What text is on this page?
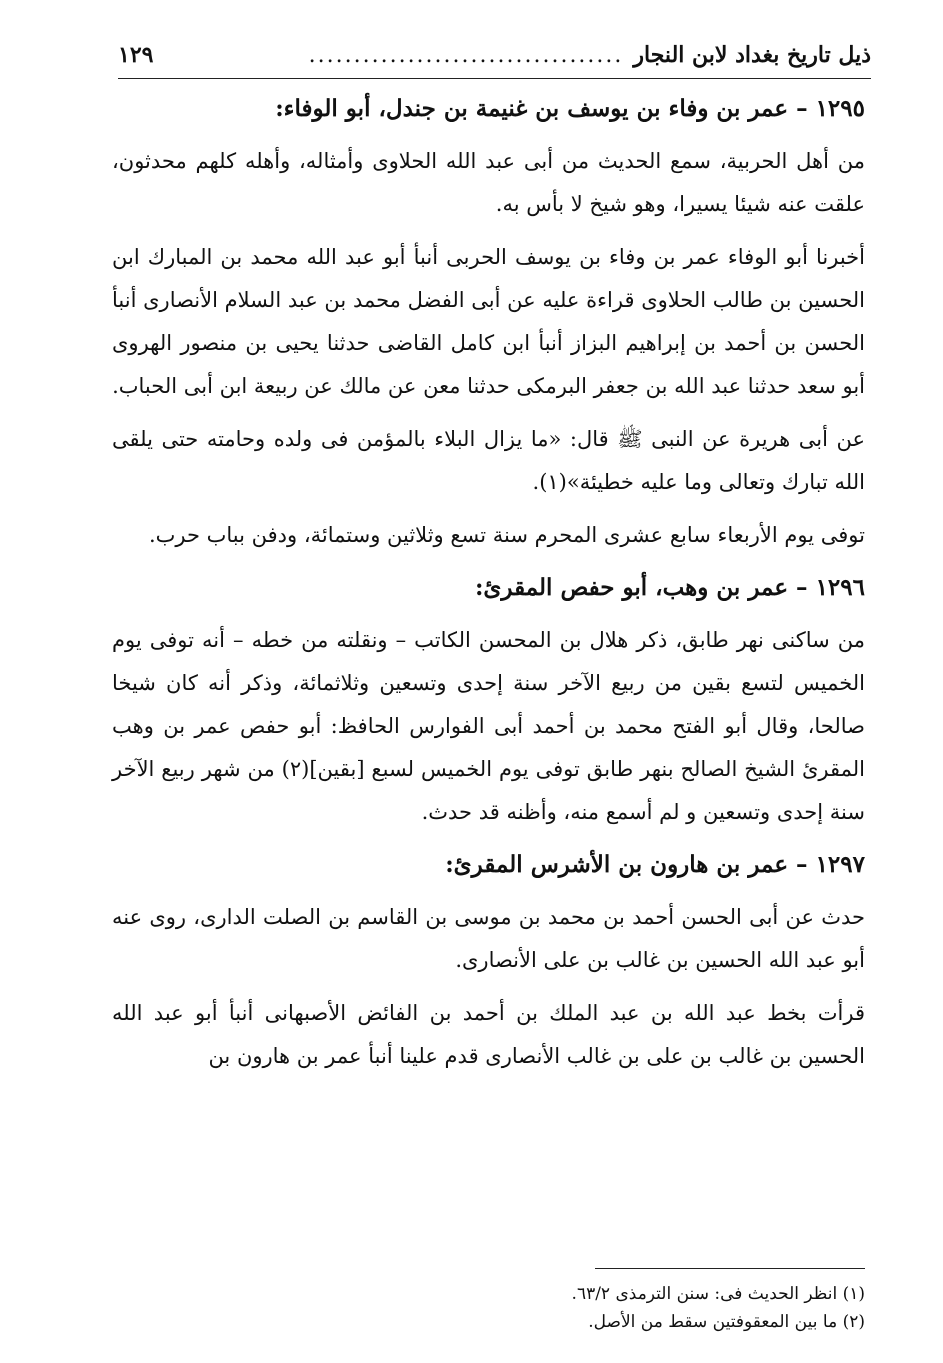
ذيل تاريخ بغداد لابن النجار
...................................
١٢٩
١٢٩٥ – عمر بن وفاء بن يوسف بن غنيمة بن جندل، أبو الوفاء:

من أهل الحربية، سمع الحديث من أبى عبد الله الحلاوى وأمثاله، وأهله كلهم محدثون، علقت عنه شيئا يسيرا، وهو شيخ لا بأس به.

أخبرنا أبو الوفاء عمر بن وفاء بن يوسف الحربى أنبأ أبو عبد الله محمد بن المبارك ابن الحسين بن طالب الحلاوى قراءة عليه عن أبى الفضل محمد بن عبد السلام الأنصارى أنبأ الحسن بن أحمد بن إبراهيم البزاز أنبأ ابن كامل القاضى حدثنا يحيى بن منصور الهروى أبو سعد حدثنا عبد الله بن جعفر البرمكى حدثنا معن عن مالك عن ربيعة ابن أبى الحباب.

عن أبى هريرة عن النبى ﷺ قال: «ما يزال البلاء بالمؤمن فى ولده وحامته حتى يلقى الله تبارك وتعالى وما عليه خطيئة»(١).

توفى يوم الأربعاء سابع عشرى المحرم سنة تسع وثلاثين وستمائة، ودفن بباب حرب.

١٢٩٦ – عمر بن وهب، أبو حفص المقرئ:

من ساكنى نهر طابق، ذكر هلال بن المحسن الكاتب – ونقلته من خطه – أنه توفى يوم الخميس لتسع بقين من ربيع الآخر سنة إحدى وتسعين وثلاثمائة، وذكر أنه كان شيخا صالحا، وقال أبو الفتح محمد بن أحمد أبى الفوارس الحافظ: أبو حفص عمر بن وهب المقرئ الشيخ الصالح بنهر طابق توفى يوم الخميس لسبع [بقين](٢) من شهر ربيع الآخر سنة إحدى وتسعين و لم أسمع منه، وأظنه قد حدث.

١٢٩٧ – عمر بن هارون بن الأشرس المقرئ:

حدث عن أبى الحسن أحمد بن محمد بن موسى بن القاسم بن الصلت الدارى، روى عنه أبو عبد الله الحسين بن غالب بن على الأنصارى.

قرأت بخط عبد الله بن عبد الملك بن أحمد بن الفائض الأصبهانى أنبأ أبو عبد الله الحسين بن غالب بن على بن غالب الأنصارى قدم علينا أنبأ عمر بن هارون بن

(١) انظر الحديث فى: سنن الترمذى ٦٣/٢.

(٢) ما بين المعقوفتين سقط من الأصل.
